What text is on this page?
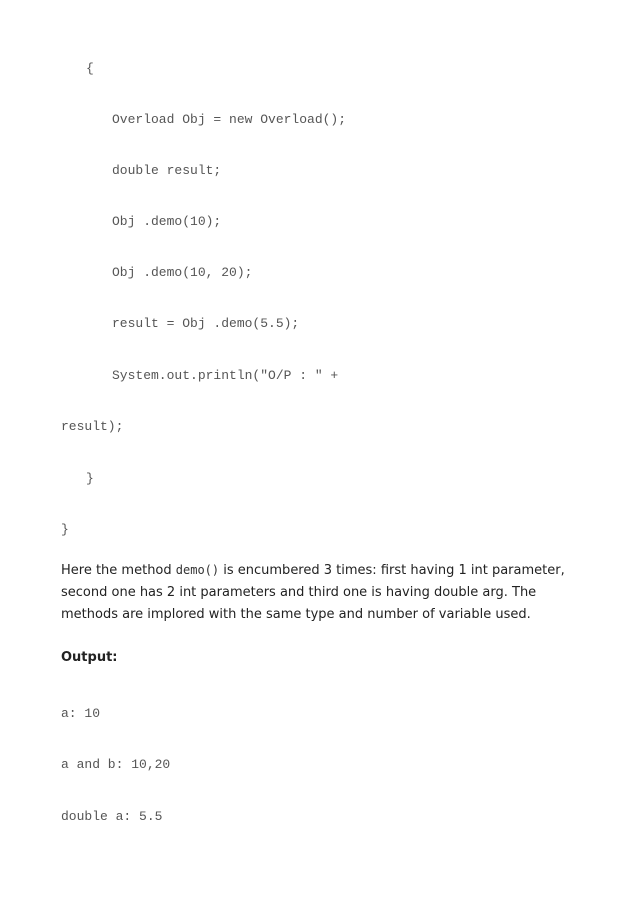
{
Overload Obj = new Overload();
double result;
Obj .demo(10);
Obj .demo(10, 20);
result = Obj .demo(5.5);
System.out.println("O/P : " +
result);
}
}
Here the method demo() is encumbered 3 times: first having 1 int parameter, second one has 2 int parameters and third one is having double arg. The methods are implored with the same type and number of variable used.
Output:
a: 10
a and b: 10,20
double a: 5.5
